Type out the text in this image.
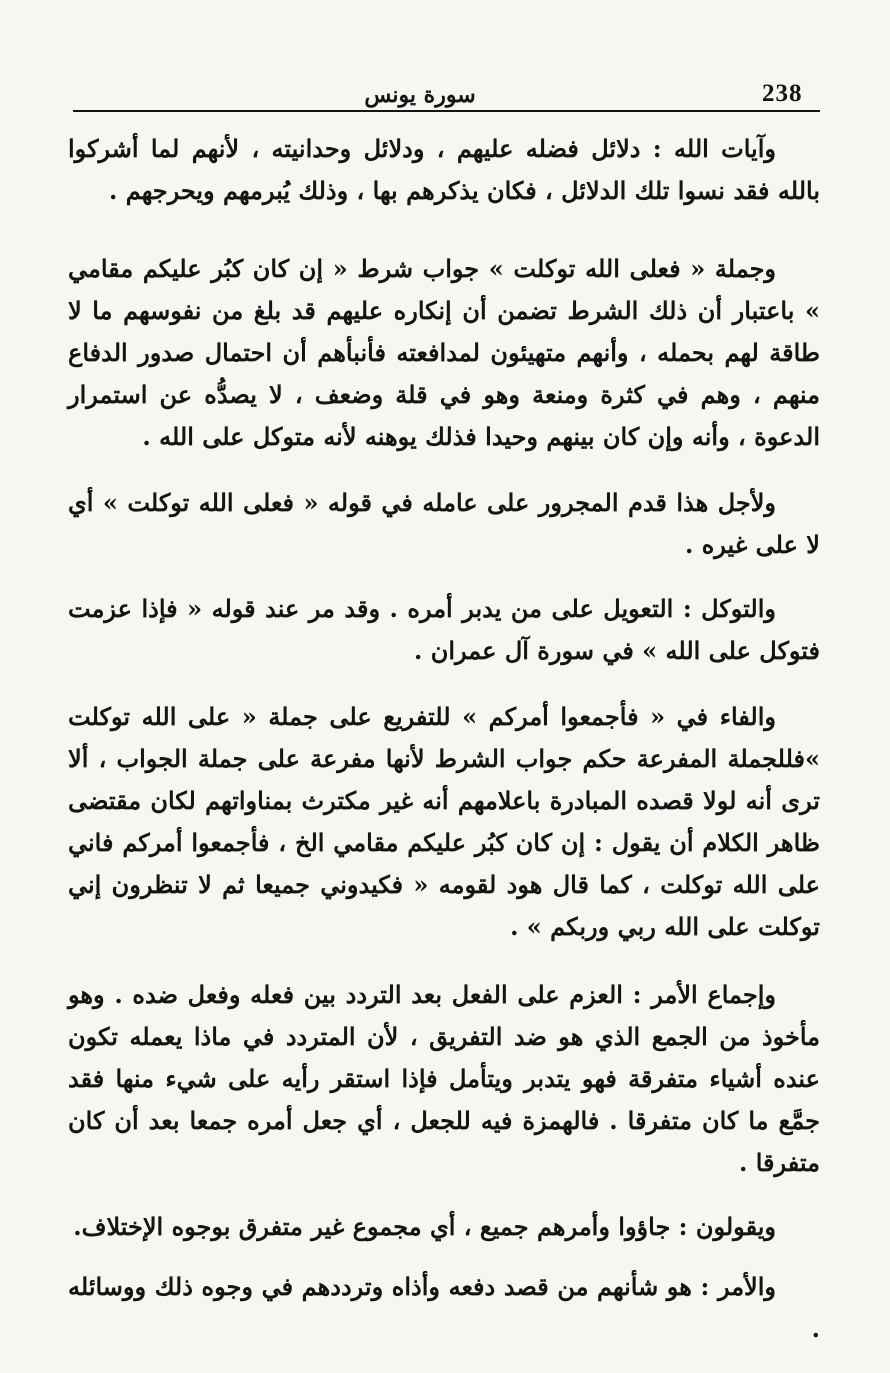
238
سورة يونس

وآيات الله : دلائل فضله عليهم ، ودلائل وحدانيته ، لأنهم لما أشركوا بالله فقد نسوا تلك الدلائل ، فكان يذكرهم بها ، وذلك يُبرمهم ويحرجهم .

وجملة « فعلى الله توكلت » جواب شرط « إن كان كبُر عليكم مقامي » باعتبار أن ذلك الشرط تضمن أن إنكاره عليهم قد بلغ من نفوسهم ما لا طاقة لهم بحمله ، وأنهم متهيئون لمدافعته فأنبأهم أن احتمال صدور الدفاع منهم ، وهم في كثرة ومنعة وهو في قلة وضعف ، لا يصدُّه عن استمرار الدعوة ، وأنه وإن كان بينهم وحيدا فذلك يوهنه لأنه متوكل على الله .

ولأجل هذا قدم المجرور على عامله في قوله « فعلى الله توكلت » أي لا على غيره .

والتوكل : التعويل على من يدبر أمره . وقد مر عند قوله « فإذا عزمت فتوكل على الله » في سورة آل عمران .

والفاء في « فأجمعوا أمركم » للتفريع على جملة « على الله توكلت »فللجملة المفرعة حكم جواب الشرط لأنها مفرعة على جملة الجواب ، ألا ترى أنه لولا قصده المبادرة باعلامهم أنه غير مكترث بمناواتهم لكان مقتضى ظاهر الكلام أن يقول : إن كان كبُر عليكم مقامي الخ ، فأجمعوا أمركم فاني على الله توكلت ، كما قال هود لقومه « فكيدوني جميعا ثم لا تنظرون إني توكلت على الله ربي وربكم » .

وإجماع الأمر : العزم على الفعل بعد التردد بين فعله وفعل ضده . وهو مأخوذ من الجمع الذي هو ضد التفريق ، لأن المتردد في ماذا يعمله تكون عنده أشياء متفرقة فهو يتدبر ويتأمل فإذا استقر رأيه على شيء منها فقد جمَّع ما كان متفرقا . فالهمزة فيه للجعل ، أي جعل أمره جمعا بعد أن كان متفرقا .

ويقولون : جاؤوا وأمرهم جميع ، أي مجموع غير متفرق بوجوه الإختلاف.

والأمر : هو شأنهم من قصد دفعه وأذاه وترددهم في وجوه ذلك ووسائله .
